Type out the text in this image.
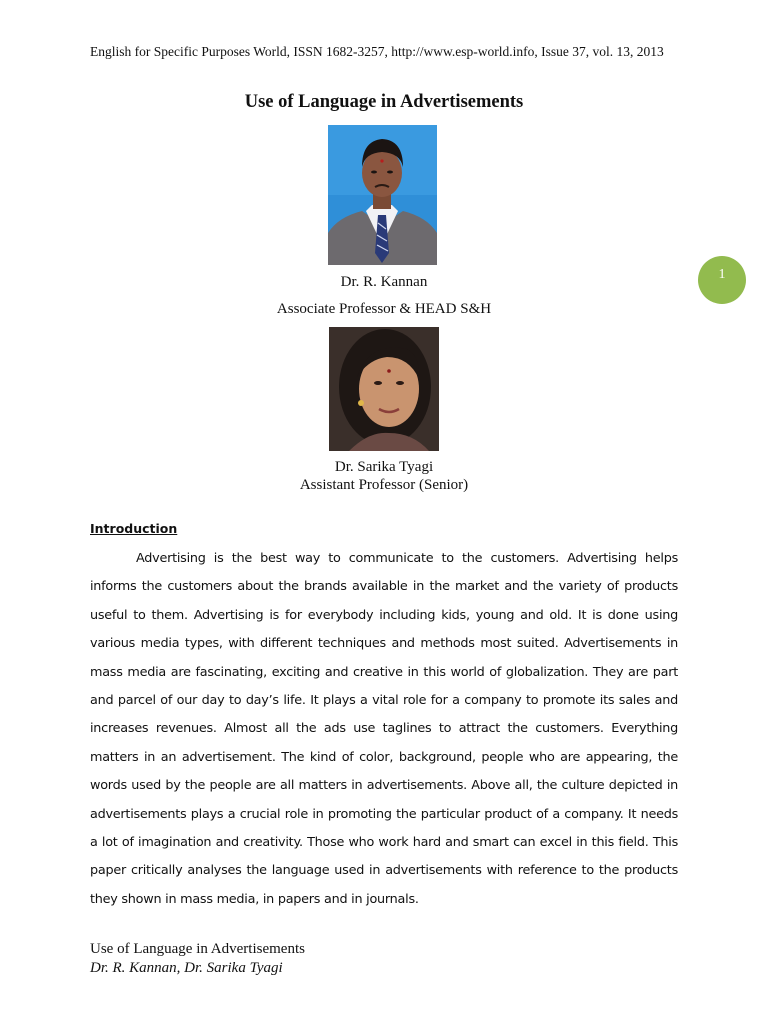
English for Specific Purposes World, ISSN 1682-3257, http://www.esp-world.info, Issue 37, vol. 13, 2013
Use of Language in Advertisements
Dr. R. Kannan
Associate Professor & HEAD S&H
1
Dr. Sarika Tyagi
Assistant Professor (Senior)
Introduction

Advertising is the best way to communicate to the customers. Advertising helps informs the customers about the brands available in the market and the variety of products useful to them. Advertising is for everybody including kids, young and old. It is done using various media types, with different techniques and methods most suited. Advertisements in mass media are fascinating, exciting and creative in this world of globalization. They are part and parcel of our day to day’s life. It plays a vital role for a company to promote its sales and increases revenues. Almost all the ads use taglines to attract the customers. Everything matters in an advertisement. The kind of color, background, people who are appearing, the words used by the people are all matters in advertisements. Above all, the culture depicted in advertisements plays a crucial role in promoting the particular product of a company. It needs a lot of imagination and creativity. Those who work hard and smart can excel in this field. This paper critically analyses the language used in advertisements with reference to the products they shown in mass media, in papers and in journals.

Use of Language in Advertisements
Dr. R. Kannan, Dr. Sarika Tyagi
